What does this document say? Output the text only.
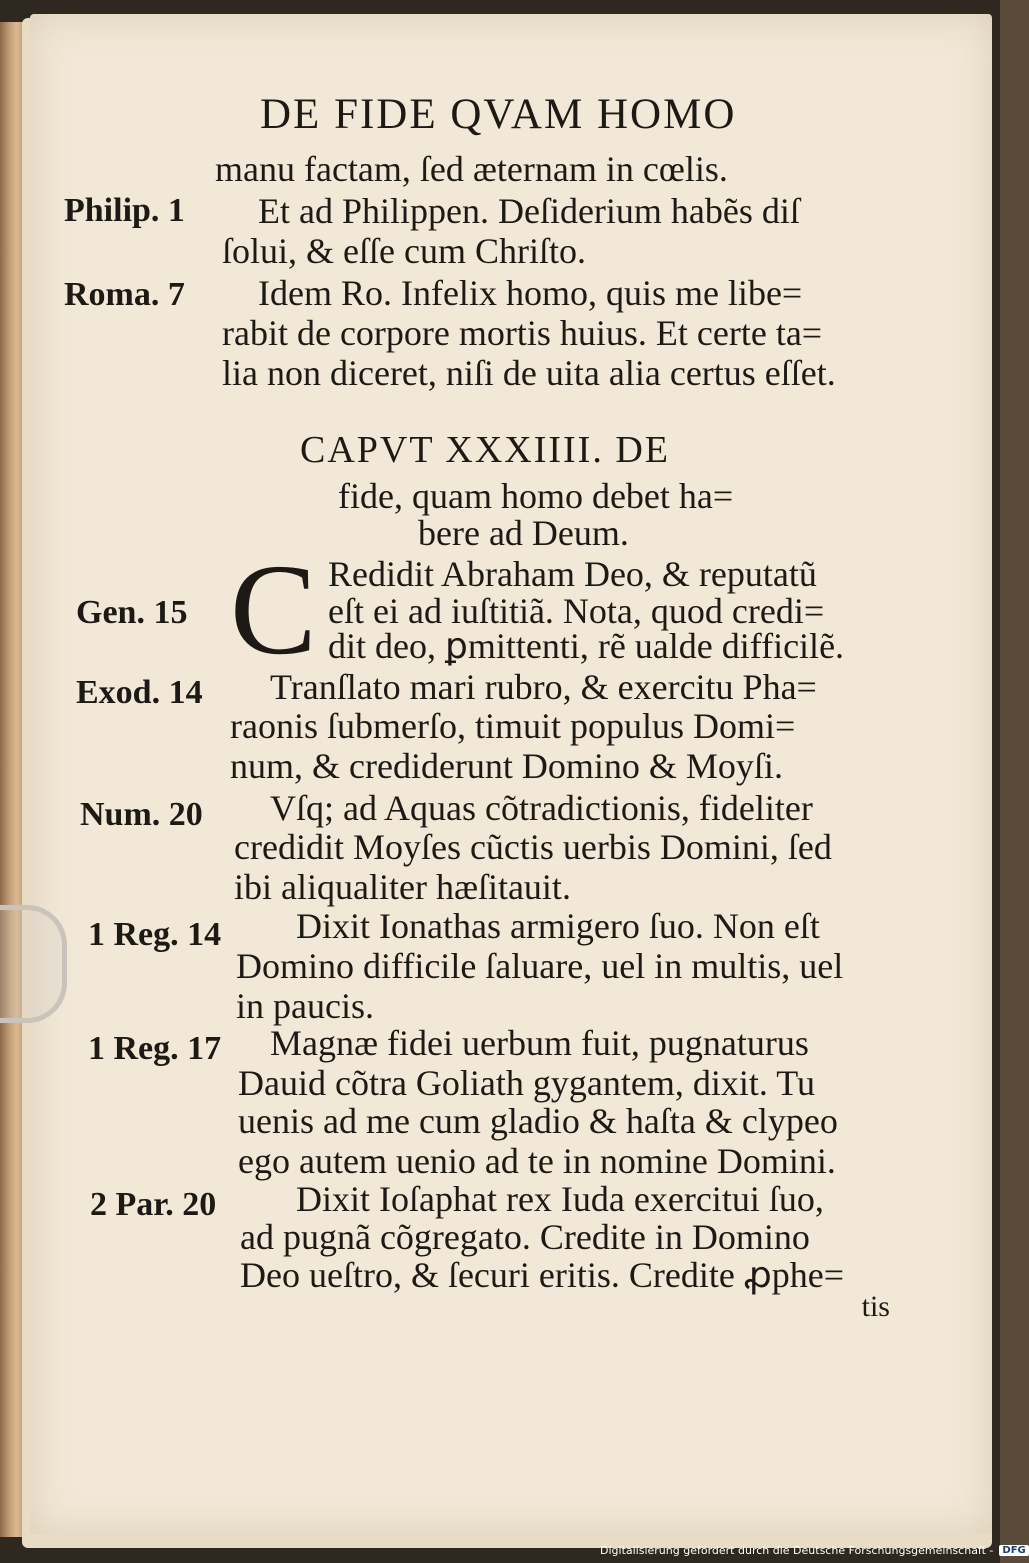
DE FIDE QVAM HOMO
manu factam, ſed æternam in cœlis.
Philip. 1 Et ad Philippen. Deſiderium habẽs diſ
ſolui, & eſſe cum Chriſto.
Roma. 7 Idem Ro. Infelix homo, quis me libe=
rabit de corpore mortis huius. Et certe ta=
lia non diceret, niſi de uita alia certus eſſet.
CAPVT XXXIIII. DE
fide, quam homo debet ha=
bere ad Deum.
C Redidit Abraham Deo, & reputatũ
Gen. 15	eſt ei ad iuſtitiã. Nota, quod credi=
dit deo, ꝑmittenti, rẽ ualde difficilẽ.
Exod. 14 Tranſlato mari rubro, & exercitu Pha=
raonis ſubmerſo, timuit populus Domi=
num, & crediderunt Domino & Moyſi.
Num. 20 Vſq; ad Aquas cõtradictionis, fideliter
credidit Moyſes cũctis uerbis Domini, ſed
ibi aliqualiter hæſitauit.
1 Reg. 14 Dixit Ionathas armigero ſuo. Non eſt
Domino difficile ſaluare, uel in multis, uel
in paucis.
1 Reg. 17 Magnæ fidei uerbum fuit, pugnaturus
Dauid cõtra Goliath gygantem, dixit. Tu
uenis ad me cum gladio & haſta & clypeo
ego autem uenio ad te in nomine Domini.
2 Par. 20 Dixit Ioſaphat rex Iuda exercitui ſuo,
ad pugnã cõgregato. Credite in Domino
Deo ueſtro, & ſecuri eritis. Credite ꝓphe=
tis
Digitalisierung gefördert durch die Deutsche Forschungsgemeinschaft - DFG
